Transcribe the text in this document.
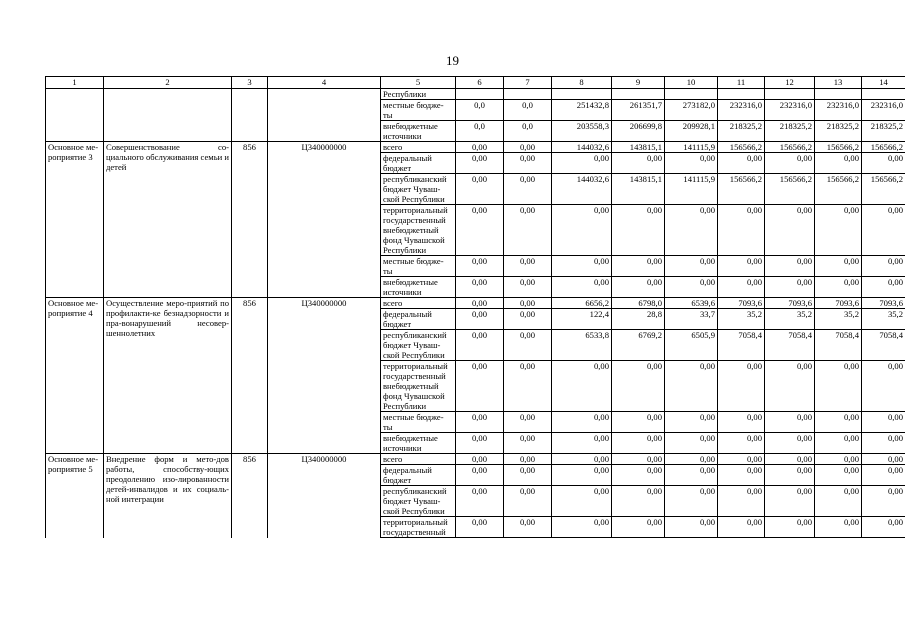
19
1	2	3	4	5	6	7	8	9	10	11	12	13	14
				Республики									
				местные бюдже-ты	0,0	0,0	251432,8	261351,7	273182,0	232316,0	232316,0	232316,0	232316,0
				внебюджетные источники	0,0	0,0	203558,3	206699,8	209928,1	218325,2	218325,2	218325,2	218325,2
Основное ме-роприятие 3	Совершенствование со-циального обслуживания семьи и детей	856	Ц340000000	всего	0,00	0,00	144032,6	143815,1	141115,9	156566,2	156566,2	156566,2	156566,2
				федеральный бюджет	0,00	0,00	0,00	0,00	0,00	0,00	0,00	0,00	0,00
				республиканский бюджет Чуваш-ской Республики	0,00	0,00	144032,6	143815,1	141115,9	156566,2	156566,2	156566,2	156566,2
				территориальный государственный внебюджетный фонд Чувашской Республики	0,00	0,00	0,00	0,00	0,00	0,00	0,00	0,00	0,00
				местные бюдже-ты	0,00	0,00	0,00	0,00	0,00	0,00	0,00	0,00	0,00
				внебюджетные источники	0,00	0,00	0,00	0,00	0,00	0,00	0,00	0,00	0,00
Основное ме-роприятие 4	Осуществление меро-приятий по профилакти-ке безнадзорности и пра-вонарушений несовер-шеннолетних	856	Ц340000000	всего	0,00	0,00	6656,2	6798,0	6539,6	7093,6	7093,6	7093,6	7093,6
				федеральный бюджет	0,00	0,00	122,4	28,8	33,7	35,2	35,2	35,2	35,2
				республиканский бюджет Чуваш-ской Республики	0,00	0,00	6533,8	6769,2	6505,9	7058,4	7058,4	7058,4	7058,4
				территориальный государственный внебюджетный фонд Чувашской Республики	0,00	0,00	0,00	0,00	0,00	0,00	0,00	0,00	0,00
				местные бюдже-ты	0,00	0,00	0,00	0,00	0,00	0,00	0,00	0,00	0,00
				внебюджетные источники	0,00	0,00	0,00	0,00	0,00	0,00	0,00	0,00	0,00
Основное ме-роприятие 5	Внедрение форм и мето-дов работы, способству-ющих преодолению изо-лированности детей-инвалидов и их социаль-ной интеграции	856	Ц340000000	всего	0,00	0,00	0,00	0,00	0,00	0,00	0,00	0,00	0,00
				федеральный бюджет	0,00	0,00	0,00	0,00	0,00	0,00	0,00	0,00	0,00
				республиканский бюджет Чуваш-ской Республики	0,00	0,00	0,00	0,00	0,00	0,00	0,00	0,00	0,00
				территориальный государственный	0,00	0,00	0,00	0,00	0,00	0,00	0,00	0,00	0,00
